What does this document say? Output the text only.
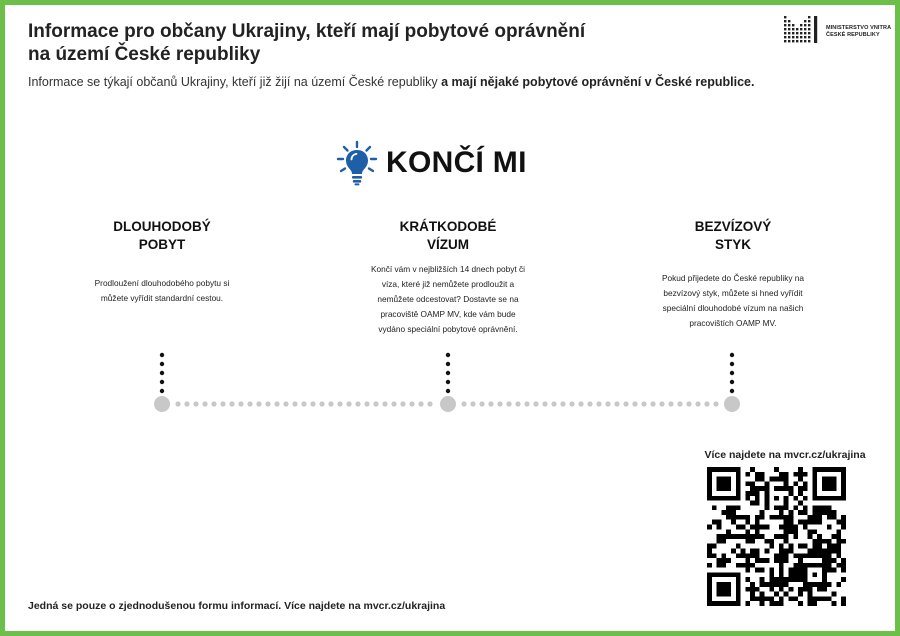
Informace pro občany Ukrajiny, kteří mají pobytové oprávnění na území České republiky

Informace se týkají občanů Ukrajiny, kteří již žijí na území České republiky a mají nějaké pobytové oprávnění v České republice.

MINISTERSTVO VNITRA
ČESKÉ REPUBLIKY
KONČÍ MI
DLOUHODOBÝ
POBYT

Prodloužení dlouhodobého pobytu si
můžete vyřídit standardní cestou.

KRÁTKODOBÉ
VÍZUM

Končí vám v nejbližších 14 dnech pobyt či
víza, které již nemůžete prodloužit a
nemůžete odcestovat? Dostavte se na
pracoviště OAMP MV, kde vám bude
vydáno speciální pobytové oprávnění.

BEZVÍZOVÝ
STYK

Pokud přijedete do České republiky na
bezvízový styk, můžete si hned vyřídit
speciální dlouhodobé vízum na našich
pracovištích OAMP MV.

Více najdete na mvcr.cz/ukrajina
Jedná se pouze o zjednodušenou formu informací. Více najdete na mvcr.cz/ukrajina
